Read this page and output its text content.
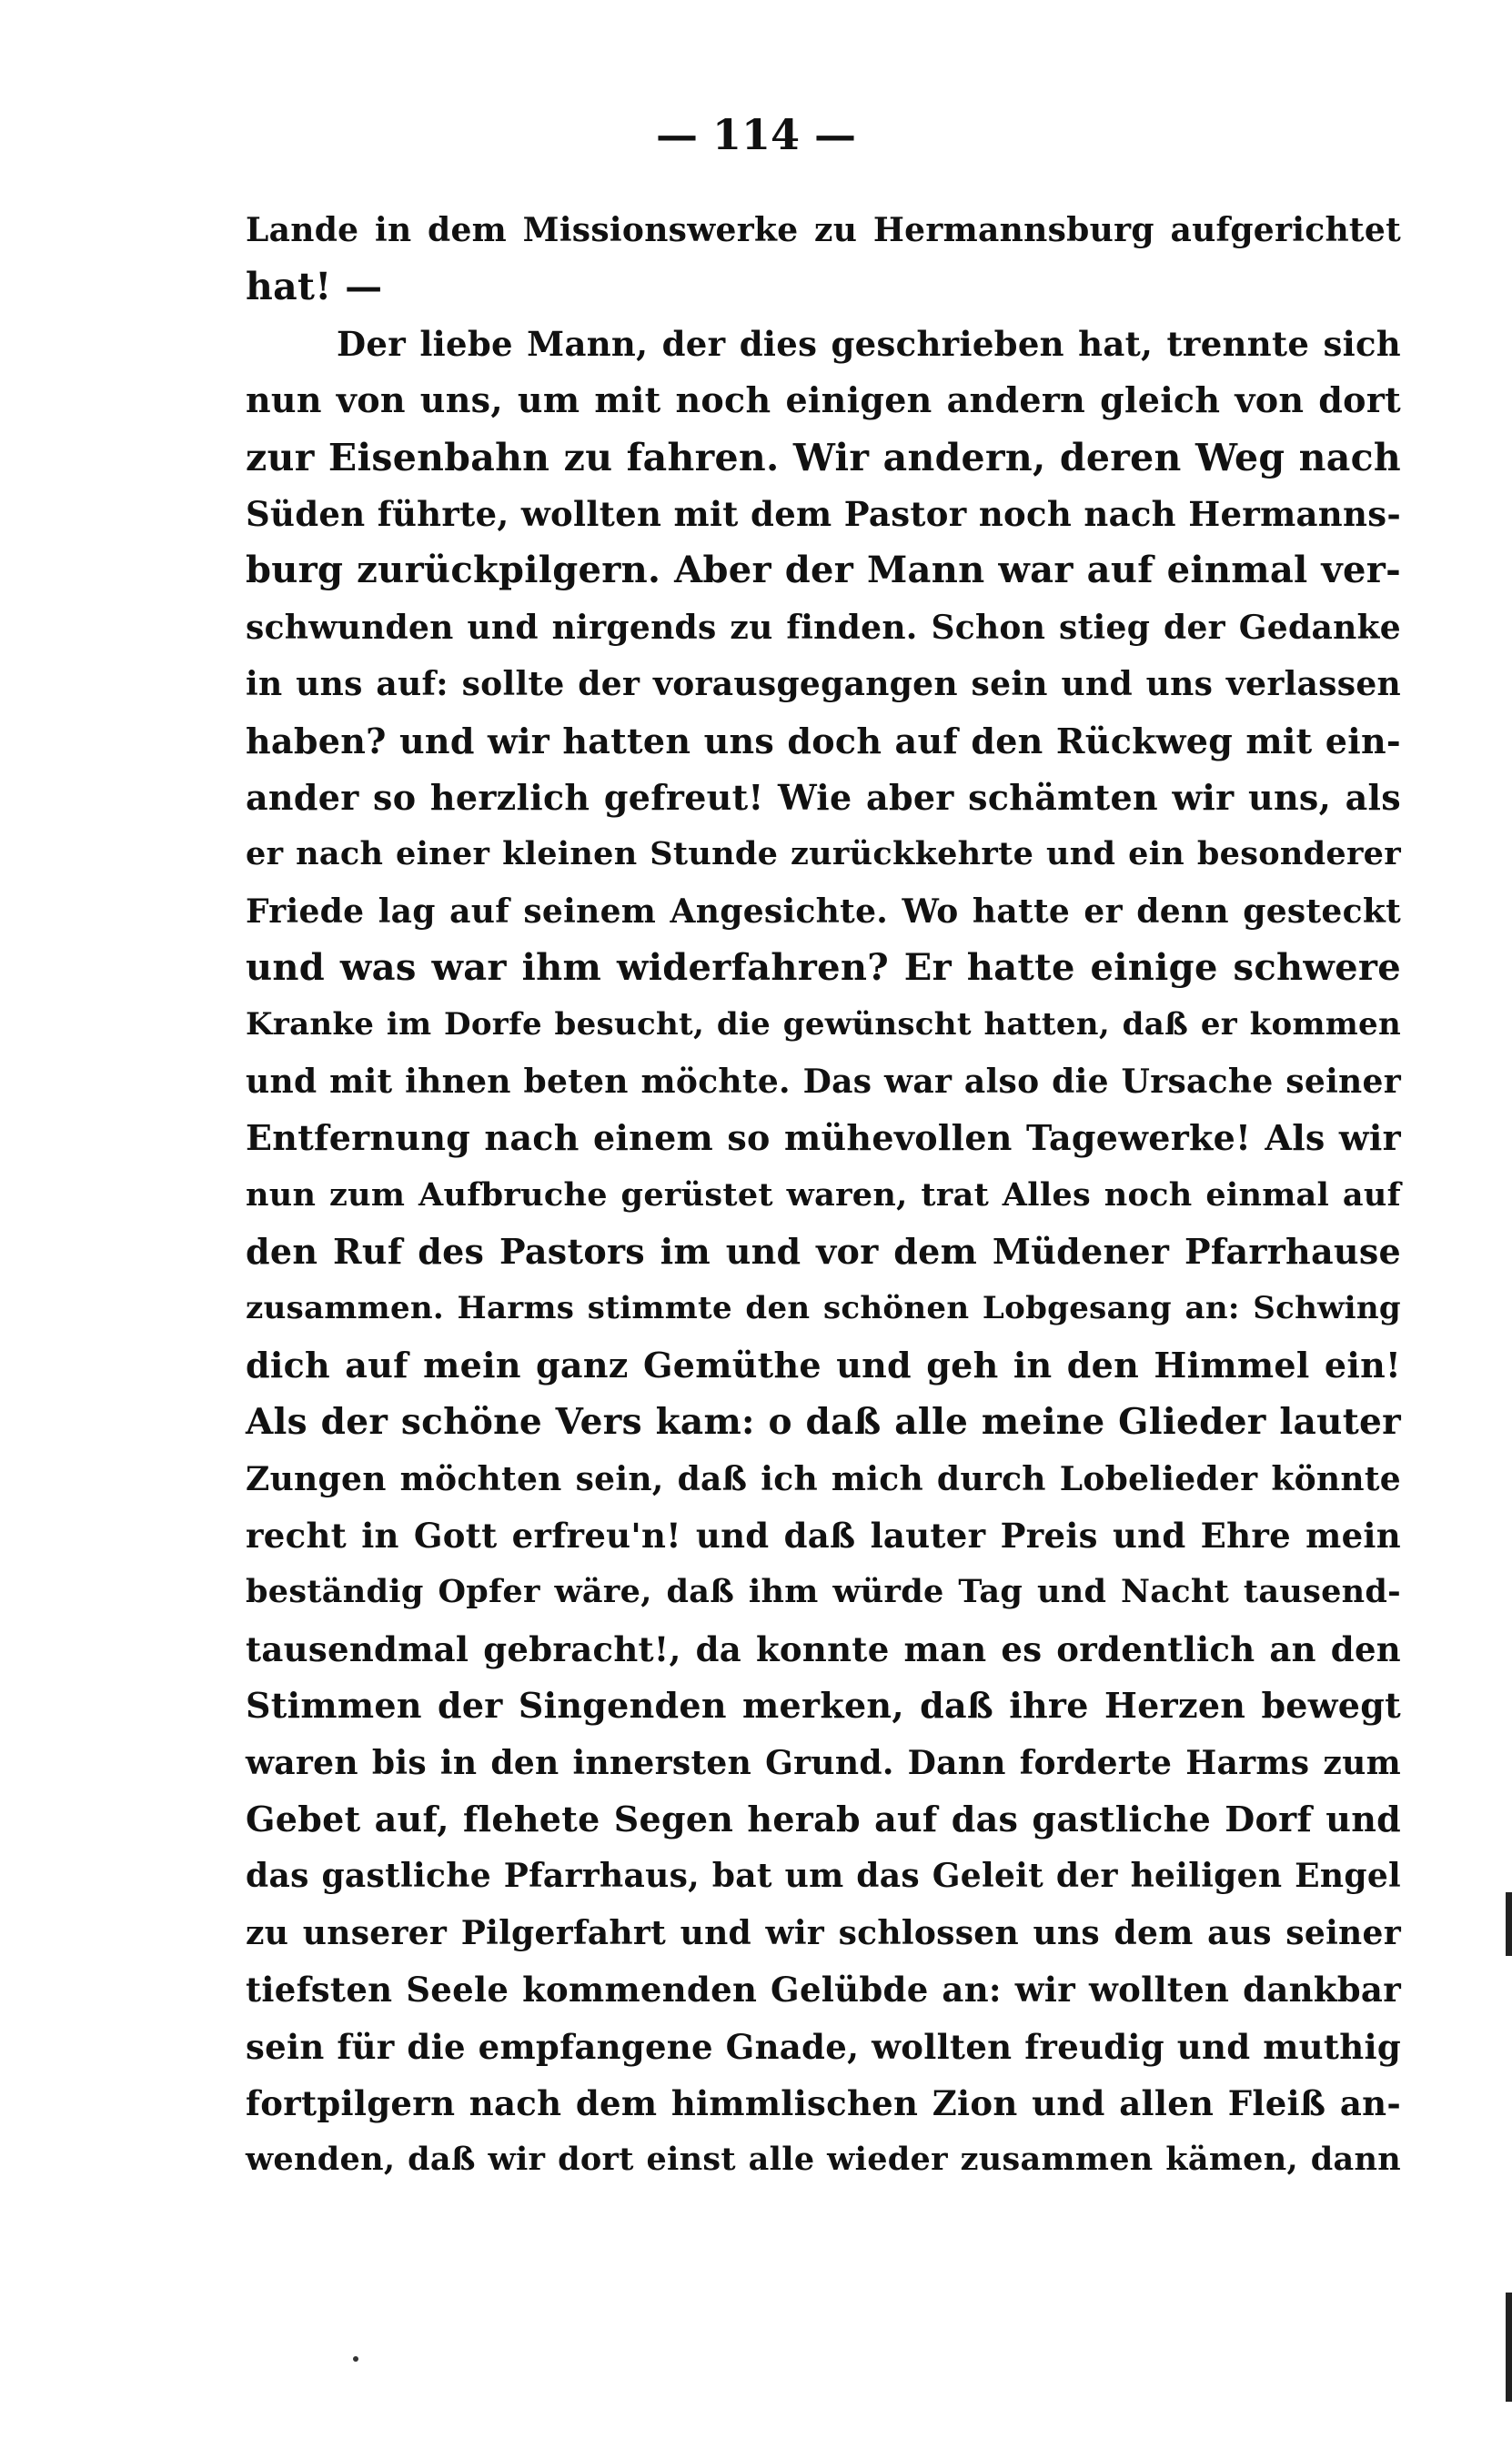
— 114 —
Lande in dem Missionswerke zu Hermannsburg aufgerichtet
hat! —
Der liebe Mann, der dies geschrieben hat, trennte sich
nun von uns, um mit noch einigen andern gleich von dort
zur Eisenbahn zu fahren. Wir andern, deren Weg nach
Süden führte, wollten mit dem Pastor noch nach Hermanns-
burg zurückpilgern. Aber der Mann war auf einmal ver-
schwunden und nirgends zu finden. Schon stieg der Gedanke
in uns auf: sollte der vorausgegangen sein und uns verlassen
haben? und wir hatten uns doch auf den Rückweg mit ein-
ander so herzlich gefreut! Wie aber schämten wir uns, als
er nach einer kleinen Stunde zurückkehrte und ein besonderer
Friede lag auf seinem Angesichte. Wo hatte er denn gesteckt
und was war ihm widerfahren? Er hatte einige schwere
Kranke im Dorfe besucht, die gewünscht hatten, daß er kommen
und mit ihnen beten möchte. Das war also die Ursache seiner
Entfernung nach einem so mühevollen Tagewerke! Als wir
nun zum Aufbruche gerüstet waren, trat Alles noch einmal auf
den Ruf des Pastors im und vor dem Müdener Pfarrhause
zusammen. Harms stimmte den schönen Lobgesang an: Schwing
dich auf mein ganz Gemüthe und geh in den Himmel ein!
Als der schöne Vers kam: o daß alle meine Glieder lauter
Zungen möchten sein, daß ich mich durch Lobelieder könnte
recht in Gott erfreu'n! und daß lauter Preis und Ehre mein
beständig Opfer wäre, daß ihm würde Tag und Nacht tausend-
tausendmal gebracht!, da konnte man es ordentlich an den
Stimmen der Singenden merken, daß ihre Herzen bewegt
waren bis in den innersten Grund. Dann forderte Harms zum
Gebet auf, flehete Segen herab auf das gastliche Dorf und
das gastliche Pfarrhaus, bat um das Geleit der heiligen Engel
zu unserer Pilgerfahrt und wir schlossen uns dem aus seiner
tiefsten Seele kommenden Gelübde an: wir wollten dankbar
sein für die empfangene Gnade, wollten freudig und muthig
fortpilgern nach dem himmlischen Zion und allen Fleiß an-
wenden, daß wir dort einst alle wieder zusammen kämen, dann
